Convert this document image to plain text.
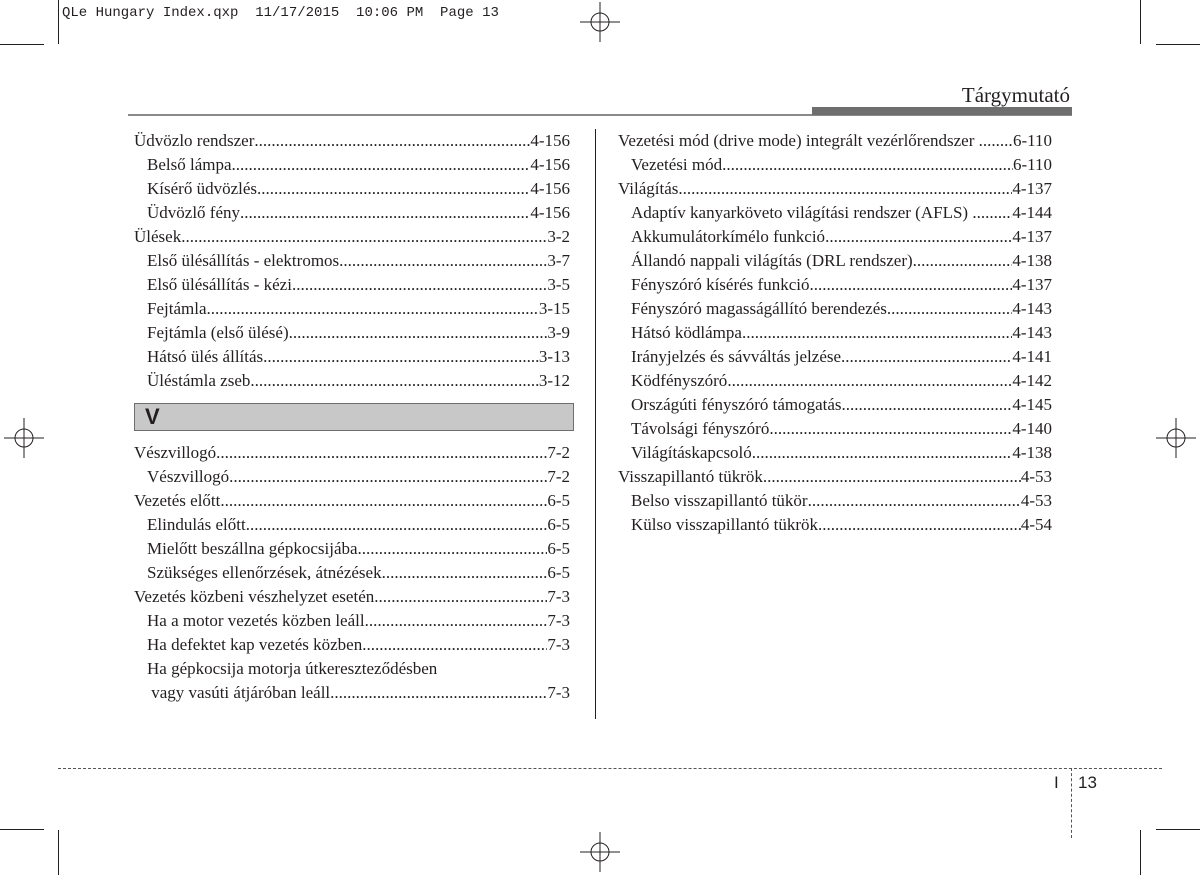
QLe Hungary Index.qxp  11/17/2015  10:06 PM  Page 13
Tárgymutató
Üdvözlo rendszer .....	4-156
Belső lámpa .....	4-156
Kísérő üdvözlés .....	4-156
Üdvözlő fény .....	4-156
Ülések .....	3-2
Első ülésállítás - elektromos .....	3-7
Első ülésállítás - kézi .....	3-5
Fejtámla .....	3-15
Fejtámla (első ülésé) .....	3-9
Hátsó ülés állítás .....	3-13
Üléstámla zseb .....	3-12
V
Vészvillogó .....	7-2
Vészvillogó .....	7-2
Vezetés előtt .....	6-5
Elindulás előtt .....	6-5
Mielőtt beszállna gépkocsijába .....	6-5
Szükséges ellenőrzések, átnézések .....	6-5
Vezetés közbeni vészhelyzet esetén .....	7-3
Ha a motor vezetés közben leáll .....	7-3
Ha defektet kap vezetés közben .....	7-3
Ha gépkocsija motorja útkereszteződésben
vagy vasúti átjáróban leáll .....	7-3
Vezetési mód (drive mode) integrált vezérlőrendszer ..... 6-110
Vezetési mód .....	6-110
Világítás .....	4-137
Adaptív kanyarköveto világítási rendszer (AFLS) ..... 4-144
Akkumulátorkímélo funkció .....	4-137
Állandó nappali világítás (DRL rendszer) .....	4-138
Fényszóró kísérés funkció .....	4-137
Fényszóró magasságállító berendezés .....	4-143
Hátsó ködlámpa .....	4-143
Irányjelzés és sávváltás jelzése .....	4-141
Ködfényszóró .....	4-142
Országúti fényszóró támogatás .....	4-145
Távolsági fényszóró .....	4-140
Világításkapcsoló .....	4-138
Visszapillantó tükrök .....	4-53
Belso visszapillantó tükör .....	4-53
Külso visszapillantó tükrök .....	4-54
I 13
